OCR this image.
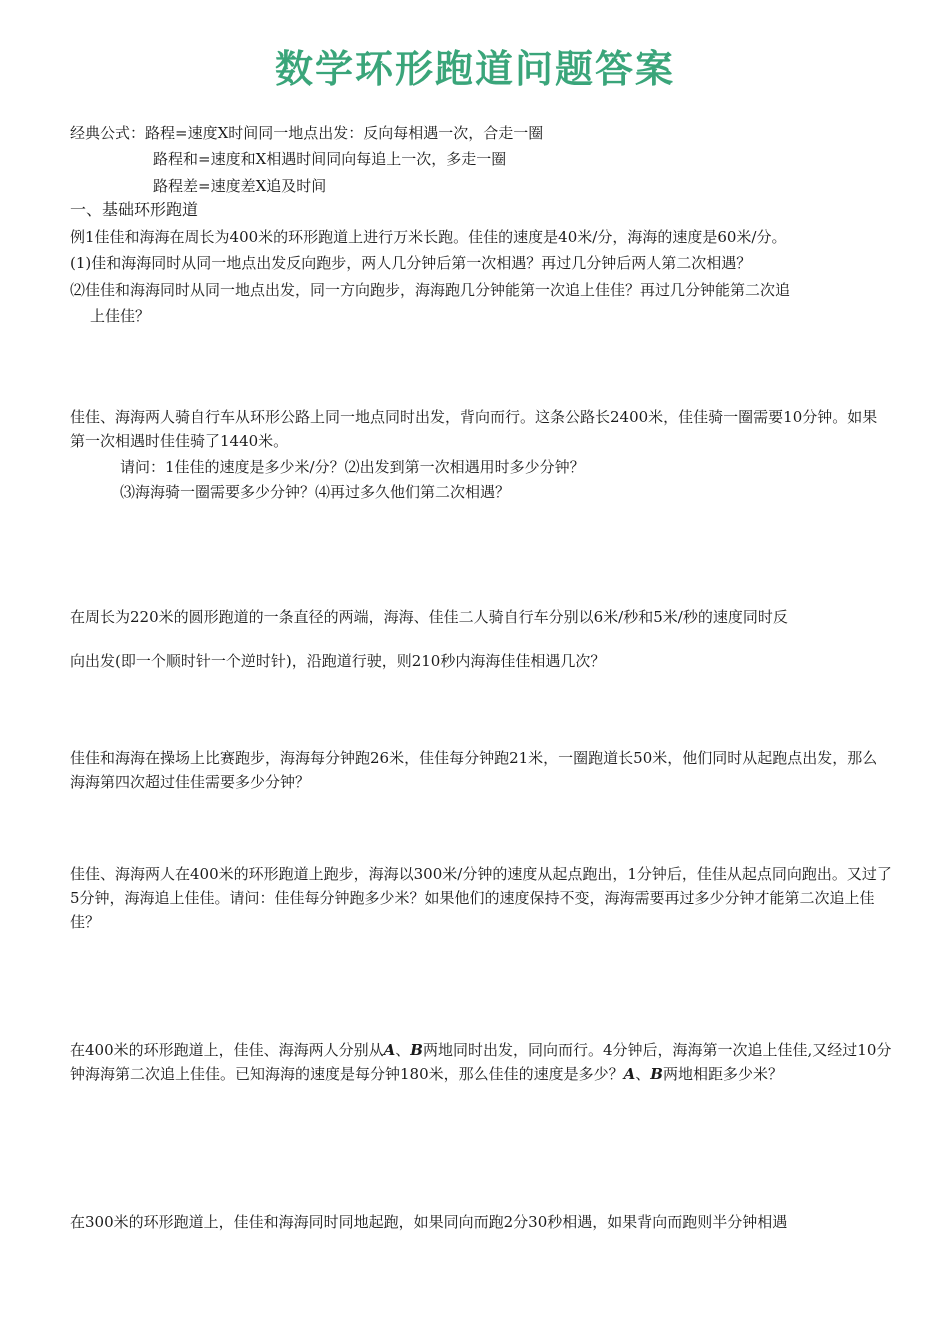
数学环形跑道问题答案
经典公式：路程=速度X时间同一地点出发：反向每相遇一次，合走一圈
路程和=速度和X相遇时间同向每追上一次，多走一圈
路程差=速度差X追及时间
一、基础环形跑道
例1佳佳和海海在周长为400米的环形跑道上进行万米长跑。佳佳的速度是40米/分，海海的速度是60米/分。
(1)佳和海海同时从同一地点出发反向跑步，两人几分钟后第一次相遇？再过几分钟后两人第二次相遇？
⑵佳佳和海海同时从同一地点出发，同一方向跑步，海海跑几分钟能第一次追上佳佳？再过几分钟能第二次追
上佳佳？
佳佳、海海两人骑自行车从环形公路上同一地点同时出发，背向而行。这条公路长2400米，佳佳骑一圈需要10分钟。如果第一次相遇时佳佳骑了1440米。
请问：1佳佳的速度是多少米/分？⑵出发到第一次相遇用时多少分钟？
⑶海海骑一圈需要多少分钟？⑷再过多久他们第二次相遇？
在周长为220米的圆形跑道的一条直径的两端，海海、佳佳二人骑自行车分别以6米/秒和5米/秒的速度同时反
向出发(即一个顺时针一个逆时针)，沿跑道行驶，则210秒内海海佳佳相遇几次？
佳佳和海海在操场上比赛跑步，海海每分钟跑26米，佳佳每分钟跑21米，一圈跑道长50米，他们同时从起跑点出发，那么海海第四次超过佳佳需要多少分钟？
佳佳、海海两人在400米的环形跑道上跑步，海海以300米/分钟的速度从起点跑出，1分钟后，佳佳从起点同向跑出。又过了5分钟，海海追上佳佳。请问：佳佳每分钟跑多少米？如果他们的速度保持不变，海海需要再过多少分钟才能第二次追上佳佳？
在400米的环形跑道上，佳佳、海海两人分别从A、B两地同时出发，同向而行。4分钟后，海海第一次追上佳佳,又经过10分钟海海第二次追上佳佳。已知海海的速度是每分钟180米，那么佳佳的速度是多少？A、B两地相距多少米？
在300米的环形跑道上，佳佳和海海同时同地起跑，如果同向而跑2分30秒相遇，如果背向而跑则半分钟相遇
